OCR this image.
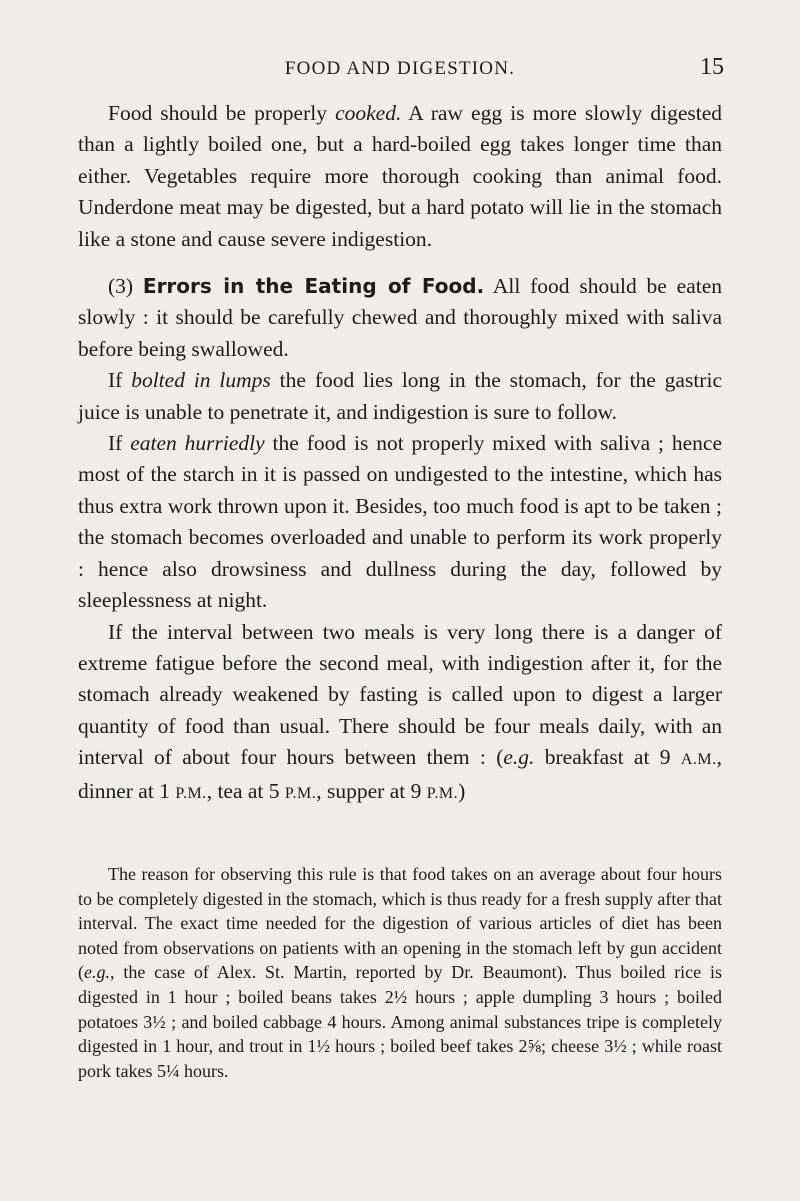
FOOD AND DIGESTION.	15

Food should be properly cooked. A raw egg is more slowly digested than a lightly boiled one, but a hard-boiled egg takes longer time than either. Vegetables require more thorough cooking than animal food. Underdone meat may be digested, but a hard potato will lie in the stomach like a stone and cause severe indigestion.

(3) Errors in the Eating of Food. All food should be eaten slowly : it should be carefully chewed and thoroughly mixed with saliva before being swallowed.

If bolted in lumps the food lies long in the stomach, for the gastric juice is unable to penetrate it, and indigestion is sure to follow.

If eaten hurriedly the food is not properly mixed with saliva ; hence most of the starch in it is passed on undigested to the intestine, which has thus extra work thrown upon it. Besides, too much food is apt to be taken ; the stomach becomes overloaded and unable to perform its work properly : hence also drowsiness and dullness during the day, followed by sleeplessness at night.

If the interval between two meals is very long there is a danger of extreme fatigue before the second meal, with indigestion after it, for the stomach already weakened by fasting is called upon to digest a larger quantity of food than usual. There should be four meals daily, with an interval of about four hours between them : (e.g. breakfast at 9 A.M., dinner at 1 P.M., tea at 5 P.M., supper at 9 P.M.)

The reason for observing this rule is that food takes on an average about four hours to be completely digested in the stomach, which is thus ready for a fresh supply after that interval. The exact time needed for the digestion of various articles of diet has been noted from observations on patients with an opening in the stomach left by gun accident (e.g., the case of Alex. St. Martin, reported by Dr. Beaumont). Thus boiled rice is digested in 1 hour ; boiled beans takes 2½ hours ; apple dumpling 3 hours ; boiled potatoes 3½ ; and boiled cabbage 4 hours. Among animal substances tripe is completely digested in 1 hour, and trout in 1½ hours ; boiled beef takes 2⅝; cheese 3½ ; while roast pork takes 5¼ hours.
